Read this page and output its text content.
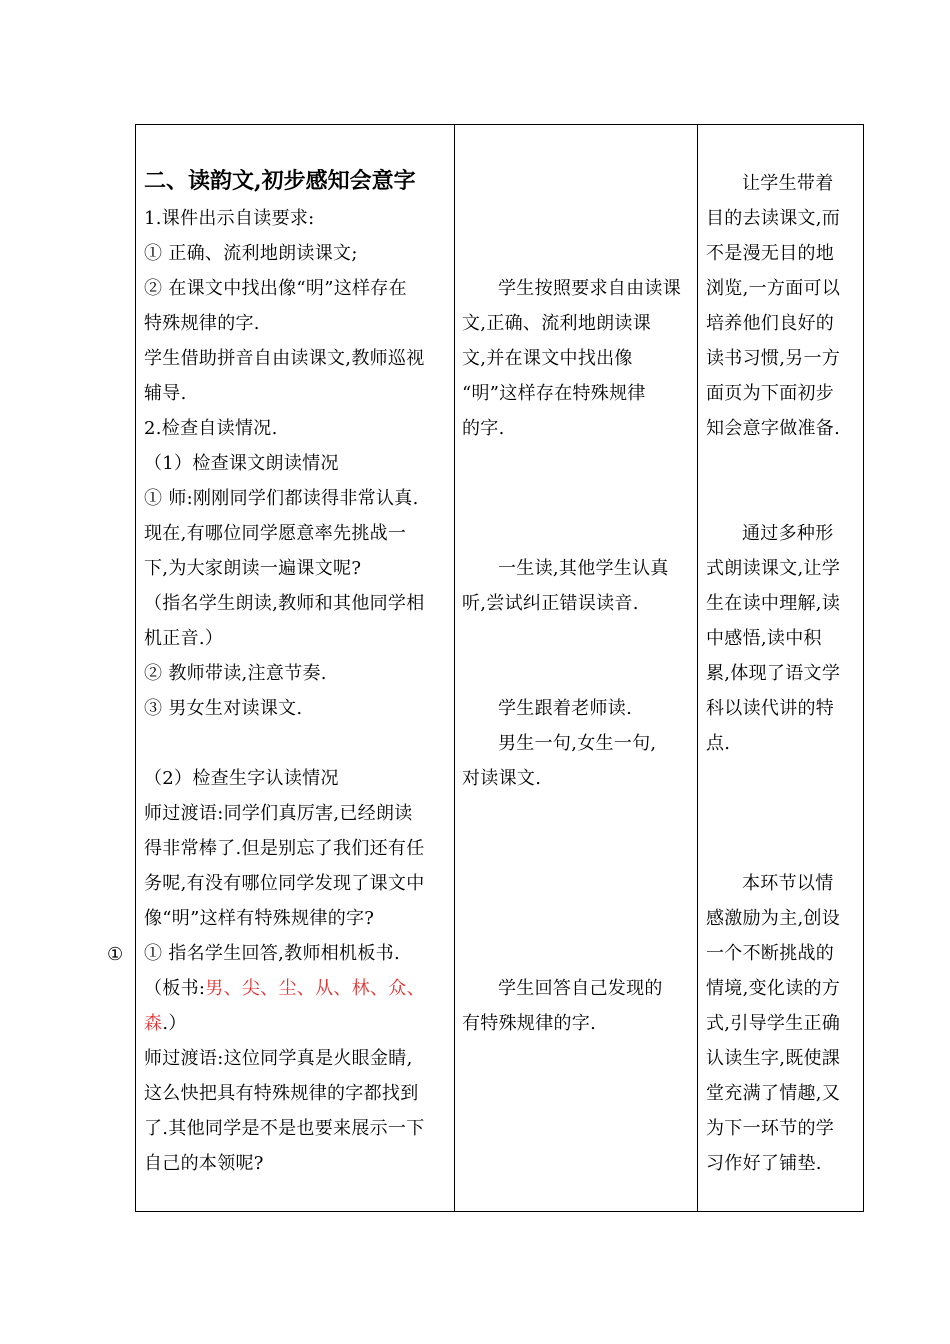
①
二、读韵文,初步感知会意字
1.课件出示自读要求:
① 正确、流利地朗读课文;
② 在课文中找出像“明”这样存在
特殊规律的字.
学生借助拼音自由读课文,教师巡视
辅导.
2.检查自读情况.
（1）检查课文朗读情况
① 师:刚刚同学们都读得非常认真.
现在,有哪位同学愿意率先挑战一
下,为大家朗读一遍课文呢?
（指名学生朗读,教师和其他同学相
机正音.）
② 教师带读,注意节奏.
③ 男女生对读课文.
（2）检查生字认读情况
师过渡语:同学们真厉害,已经朗读
得非常棒了.但是别忘了我们还有任
务呢,有没有哪位同学发现了课文中
像“明”这样有特殊规律的字?
① 指名学生回答,教师相机板书.
（板书:男、尖、尘、从、林、众、
森.）
师过渡语:这位同学真是火眼金睛,
这么快把具有特殊规律的字都找到
了.其他同学是不是也要来展示一下
自己的本领呢?
学生按照要求自由读课
文,正确、流利地朗读课
文,并在课文中找出像
“明”这样存在特殊规律
的字.
一生读,其他学生认真
听,尝试纠正错误读音.
学生跟着老师读.
男生一句,女生一句,
对读课文.
学生回答自己发现的
有特殊规律的字.
让学生带着
目的去读课文,而
不是漫无目的地
浏览,一方面可以
培养他们良好的
读书习惯,另一方
面页为下面初步
知会意字做准备.
通过多种形
式朗读课文,让学
生在读中理解,读
中感悟,读中积
累,体现了语文学
科以读代讲的特
点.
本环节以情
感激励为主,创设
一个不断挑战的
情境,变化读的方
式,引导学生正确
认读生字,既使課
堂充满了情趣,又
为下一环节的学
习作好了铺垫.
